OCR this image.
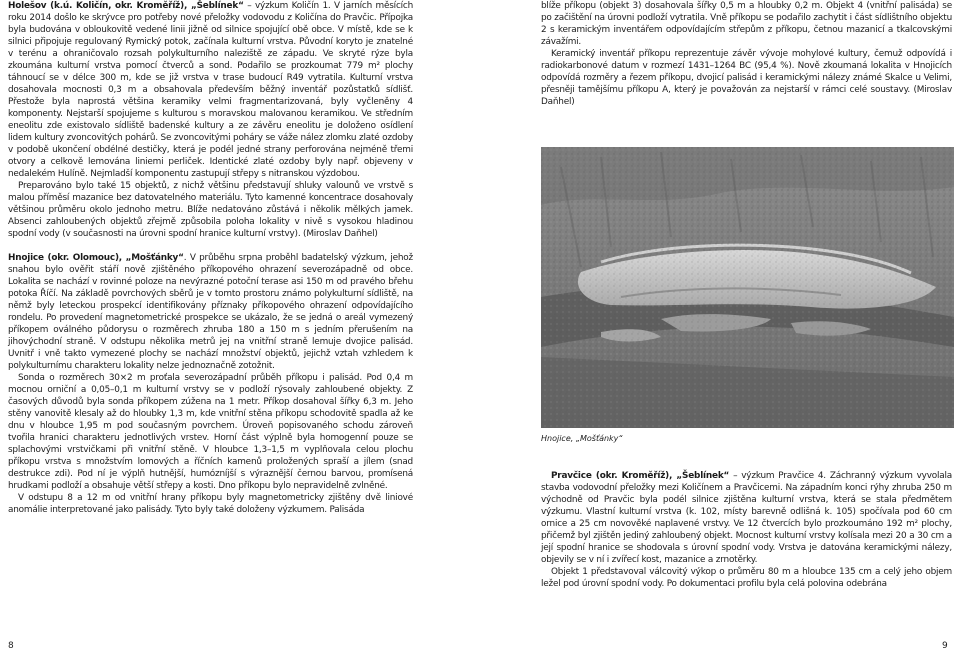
Holešov (k.ú. Količín, okr. Kroměříž), „Šeblínek“ – výzkum Količín 1. V jarních měsících roku 2014 došlo ke skrývce pro potřeby nové přeložky vodovodu z Količína do Pravčic. Přípojka byla budována v obloukovitě vedené linii jižně od silnice spojující obě obce. V místě, kde se k silnici připojuje regulovaný Rymický potok, začínala kulturní vrstva. Původní koryto je znatelné v terénu a ohraničovalo rozsah polykulturního naleziště ze západu. Ve skryté rýze byla zkoumána kulturní vrstva pomocí čtverců a sond. Podařilo se prozkoumat 779 m² plochy táhnoucí se v délce 300 m, kde se již vrstva v trase budoucí R49 vytratila. Kulturní vrstva dosahovala mocnosti 0,3 m a obsahovala především běžný inventář pozůstatků sídlišť. Přestože byla naprostá většina keramiky velmi fragmentarizovaná, byly vyčleněny 4 komponenty. Nejstarší spojujeme s kulturou s moravskou malovanou keramikou. Ve středním eneolitu zde existovalo sídliště badenské kultury a ze závěru eneolitu je doloženo osídlení lidem kultury zvoncovitých pohárů. Se zvoncovitými poháry se váže nález zlomku zlaté ozdoby v podobě ukončení obdélné destičky, která je podél jedné strany perforována nejméně třemi otvory a celkově lemována liniemi perliček. Identické zlaté ozdoby byly např. objeveny v nedalekém Hulíně. Nejmladší komponentu zastupují střepy s nitranskou výzdobou.

Preparováno bylo také 15 objektů, z nichž většinu představují shluky valounů ve vrstvě s malou příměsí mazanice bez datovatelného materiálu. Tyto kamenné koncentrace dosahovaly většinou průměru okolo jednoho metru. Blíže nedatováno zůstává i několik mělkých jamek. Absenci zahloubených objektů zřejmě způsobila poloha lokality v nivě s vysokou hladinou spodní vody (v současnosti na úrovni spodní hranice kulturní vrstvy). (Miroslav Daňhel)

Hnojice (okr. Olomouc), „Mošťánky“. V průběhu srpna proběhl badatelský výzkum, jehož snahou bylo ověřit stáří nově zjištěného příkopového ohrazení severozápadně od obce. Lokalita se nachází v rovinné poloze na nevýrazné potoční terase asi 150 m od pravého břehu potoka Říčí. Na základě povrchových sběrů je v tomto prostoru známo polykulturní sídliště, na němž byly leteckou prospekcí identifikovány příznaky příkopového ohrazení odpovídajícího rondelu. Po provedení magnetometrické prospekce se ukázalo, že se jedná o areál vymezený příkopem oválného půdorysu o rozměrech zhruba 180 a 150 m s jedním přerušením na jihovýchodní straně. V odstupu několika metrů jej na vnitřní straně lemuje dvojice palisád. Uvnitř i vně takto vymezené plochy se nachází množství objektů, jejichž vztah vzhledem k polykulturnímu charakteru lokality nelze jednoznačně zotožnit.

Sonda o rozměrech 30×2 m proťala severozápadní průběh příkopu i palisád. Pod 0,4 m mocnou orniční a 0,05–0,1 m kulturní vrstvy se v podloží rýsovaly zahloubené objekty. Z časových důvodů byla sonda příkopem zúžena na 1 metr. Příkop dosahoval šířky 6,3 m. Jeho stěny vanovitě klesaly až do hloubky 1,3 m, kde vnitřní stěna příkopu schodovitě spadla až ke dnu v hloubce 1,95 m pod současným povrchem. Úroveň popisovaného schodu zároveň tvořila hranici charakteru jednotlivých vrstev. Horní část výplně byla homogenní pouze se splachovými vrstvičkami při vnitřní stěně. V hloubce 1,3–1,5 m vyplňovala celou plochu příkopu vrstva s množstvím lomových a říčních kamenů proložených spraší a jílem (snad destrukce zdi). Pod ní je výplň hutnější, humózníjší s výraznější černou barvou, promísená hrudkami podloží a obsahuje větší střepy a kosti. Dno příkopu bylo nepravidelně zvlněné.

V odstupu 8 a 12 m od vnitřní hrany příkopu byly magnetometricky zjištěny dvě liniové anomálie interpretované jako palisády. Tyto byly také doloženy výzkumem. Palisáda

blíže příkopu (objekt 3) dosahovala šířky 0,5 m a hloubky 0,2 m. Objekt 4 (vnitřní palisáda) se po začištění na úrovni podloží vytratila. Vně příkopu se podařilo zachytit i část sídlištního objektu 2 s keramickým inventářem odpovídajícím střepům z příkopu, četnou mazanicí a tkalcovskými závažími.

Keramický inventář příkopu reprezentuje závěr vývoje mohylové kultury, čemuž odpovídá i radiokarbonové datum v rozmezí 1431–1264 BC (95,4 %). Nově zkoumaná lokalita v Hnojicích odpovídá rozměry a řezem příkopu, dvojicí palisád i keramickými nálezy známé Skalce u Velimi, přesněji tamějšímu příkopu A, který je považován za nejstarší v rámci celé soustavy. (Miroslav Daňhel)

Hnojice, „Mošťánky“

Pravčice (okr. Kroměříž), „Šeblínek“ – výzkum Pravčice 4. Záchranný výzkum vyvolala stavba vodovodní přeložky mezi Količínem a Pravčicemi. Na západním konci rýhy zhruba 250 m východně od Pravčic byla podél silnice zjištěna kulturní vrstva, která se stala předmětem výzkumu. Vlastní kulturní vrstva (k. 102, místy barevně odlišná k. 105) spočívala pod 60 cm ornice a 25 cm novověké naplavené vrstvy. Ve 12 čtvercích bylo prozkoumáno 192 m² plochy, přičemž byl zjištěn jediný zahloubený objekt. Mocnost kulturní vrstvy kolísala mezi 20 a 30 cm a její spodní hranice se shodovala s úrovní spodní vody. Vrstva je datována keramickými nálezy, objevily se v ní i zvířecí kost, mazanice a zrnotěrky.

Objekt 1 představoval válcovitý výkop o průměru 80 m a hloubce 135 cm a celý jeho objem ležel pod úrovní spodní vody. Po dokumentaci profilu byla celá polovina odebrána

8	9
